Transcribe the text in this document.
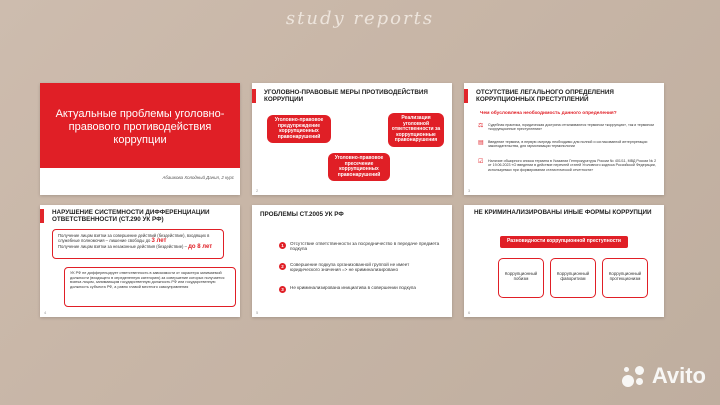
study reports
Актуальные проблемы уголовно-правового противодействия коррупции
Абашкова Холодный Данил, 2 курс
УГОЛОВНО-ПРАВОВЫЕ МЕРЫ ПРОТИВОДЕЙСТВИЯ КОРРУПЦИИ
Уголовно-правовое предупреждение коррупционных правонарушений
Реализация уголовной ответственности за коррупционные правонарушения
Уголовно-правовое пресечение коррупционных правонарушений
2
ОТСУТСТВИЕ ЛЕГАЛЬНОГО ОПРЕДЕЛЕНИЯ КОРРУПЦИОННЫХ ПРЕСТУПЛЕНИЙ
Чем обусловлена необходимость данного определения?
⚖	Судебная практика, юридическая доктрина отталкиваются термином «коррупция», так и термином «коррупционные преступления»
▤	Введение термина, в первую очередь необходимо для полной и согласованной интерпретации законодательства, для гармонизации терминологии
☑	Наличие обширного списка термина в Указании Генпрокуратуры России № 401/11, МВД России № 2 от 19.06.2023 «О введении в действие перечней статей Уголовного кодекса Российской Федерации, используемых при формировании статистической отчетности»
3
НАРУШЕНИЕ СИСТЕМНОСТИ ДИФФЕРЕНЦИАЦИИ ОТВЕТСТВЕННОСТИ (СТ.290 УК РФ)
Получение лицом взятки за совершение действий (бездействие), входящих в служебные полномочия – лишение свободы до 3 лет
Получение лицом взятки за незаконные действия (бездействие) – до 8 лет
УК РФ не дифференцирует ответственность в зависимости от характера занимаемой должности (входящего в определенную категорию) за совершение которых получается взятка лицом, занимающим государственную должность РФ или государственную должность субъекта РФ, а равно главой местного самоуправления
4
ПРОБЛЕМЫ СТ.2005 УК РФ
1	Отсутствие ответственности за посредничество в передаче предмета подкупа
2	Совершение подкупа организованной группой не имеет юридического значения => не криминализировано
3	Не криминализирована инициатива в совершении подкупа
5
НЕ КРИМИНАЛИЗИРОВАНЫ ИНЫЕ ФОРМЫ КОРРУПЦИИ
Разновидности коррупционной преступности
Коррупционный побизм
Коррупционный фаворитизм
Коррупционный протекционизм
6
Avito
